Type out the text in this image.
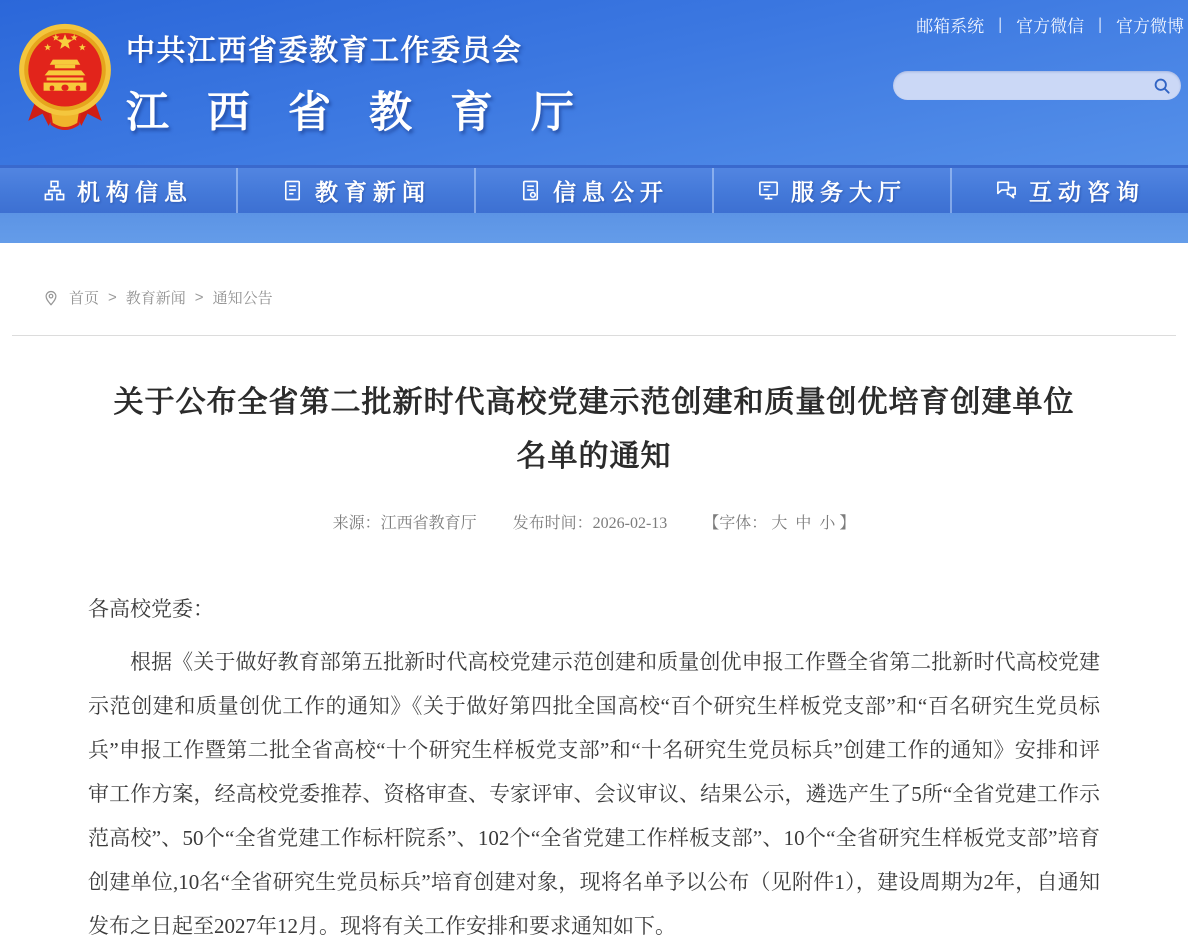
中共江西省委教育工作委员会
江西省教育厅
邮箱系统 | 官方微信 | 官方微博
机构信息	教育新闻	信息公开	服务大厅	互动咨询
首页 > 教育新闻 > 通知公告
关于公布全省第二批新时代高校党建示范创建和质量创优培育创建单位
名单的通知
来源：江西省教育厅 发布时间：2026-02-13 【字体： 大 中 小 】

各高校党委：

根据《关于做好教育部第五批新时代高校党建示范创建和质量创优申报工作暨全省第二批新时代高校党建示范创建和质量创优工作的通知》《关于做好第四批全国高校“百个研究生样板党支部”和“百名研究生党员标兵”申报工作暨第二批全省高校“十个研究生样板党支部”和“十名研究生党员标兵”创建工作的通知》安排和评审工作方案，经高校党委推荐、资格审查、专家评审、会议审议、结果公示，遴选产生了5所“全省党建工作示范高校”、50个“全省党建工作标杆院系”、102个“全省党建工作样板支部”、10个“全省研究生样板党支部”培育创建单位,10名“全省研究生党员标兵”培育创建对象，现将名单予以公布（见附件1），建设周期为2年，自通知发布之日起至2027年12月。现将有关工作安排和要求通知如下。
